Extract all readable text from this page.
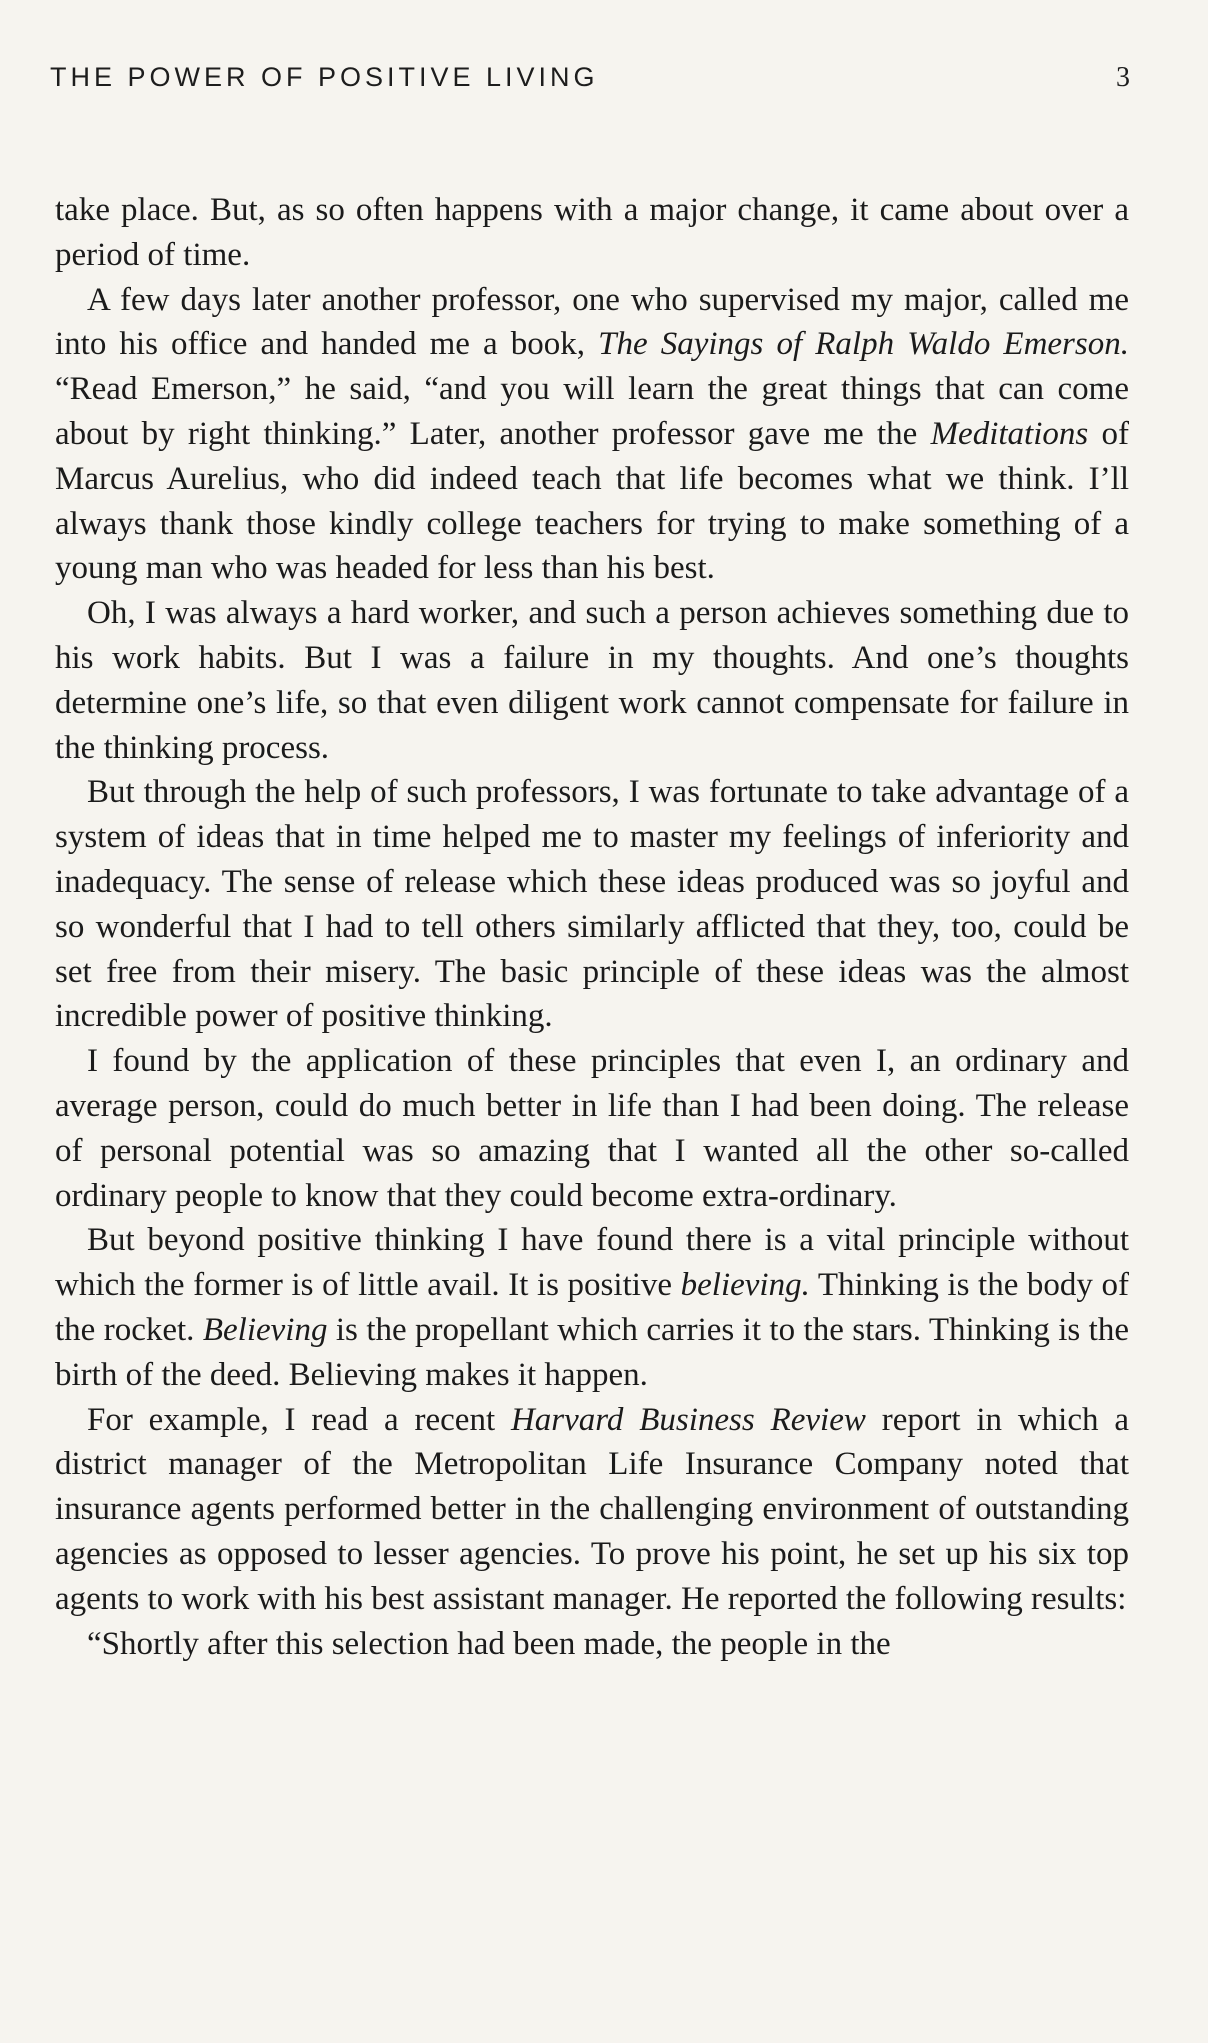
THE POWER OF POSITIVE LIVING	3

take place. But, as so often happens with a major change, it came about over a period of time.

A few days later another professor, one who supervised my major, called me into his office and handed me a book, The Sayings of Ralph Waldo Emerson. “Read Emerson,” he said, “and you will learn the great things that can come about by right thinking.” Later, another professor gave me the Meditations of Marcus Aurelius, who did indeed teach that life becomes what we think. I’ll always thank those kindly college teachers for trying to make something of a young man who was headed for less than his best.

Oh, I was always a hard worker, and such a person achieves something due to his work habits. But I was a failure in my thoughts. And one’s thoughts determine one’s life, so that even diligent work cannot compensate for failure in the thinking process.

But through the help of such professors, I was fortunate to take advantage of a system of ideas that in time helped me to master my feelings of inferiority and inadequacy. The sense of release which these ideas produced was so joyful and so wonderful that I had to tell others similarly afflicted that they, too, could be set free from their misery. The basic principle of these ideas was the almost incredible power of positive thinking.

I found by the application of these principles that even I, an ordinary and average person, could do much better in life than I had been doing. The release of personal potential was so amazing that I wanted all the other so-called ordinary people to know that they could become extra-ordinary.

But beyond positive thinking I have found there is a vital principle without which the former is of little avail. It is positive believing. Thinking is the body of the rocket. Believing is the propellant which carries it to the stars. Thinking is the birth of the deed. Believing makes it happen.

For example, I read a recent Harvard Business Review report in which a district manager of the Metropolitan Life Insurance Company noted that insurance agents performed better in the challenging environment of outstanding agencies as opposed to lesser agencies. To prove his point, he set up his six top agents to work with his best assistant manager. He reported the following results:

“Shortly after this selection had been made, the people in the
